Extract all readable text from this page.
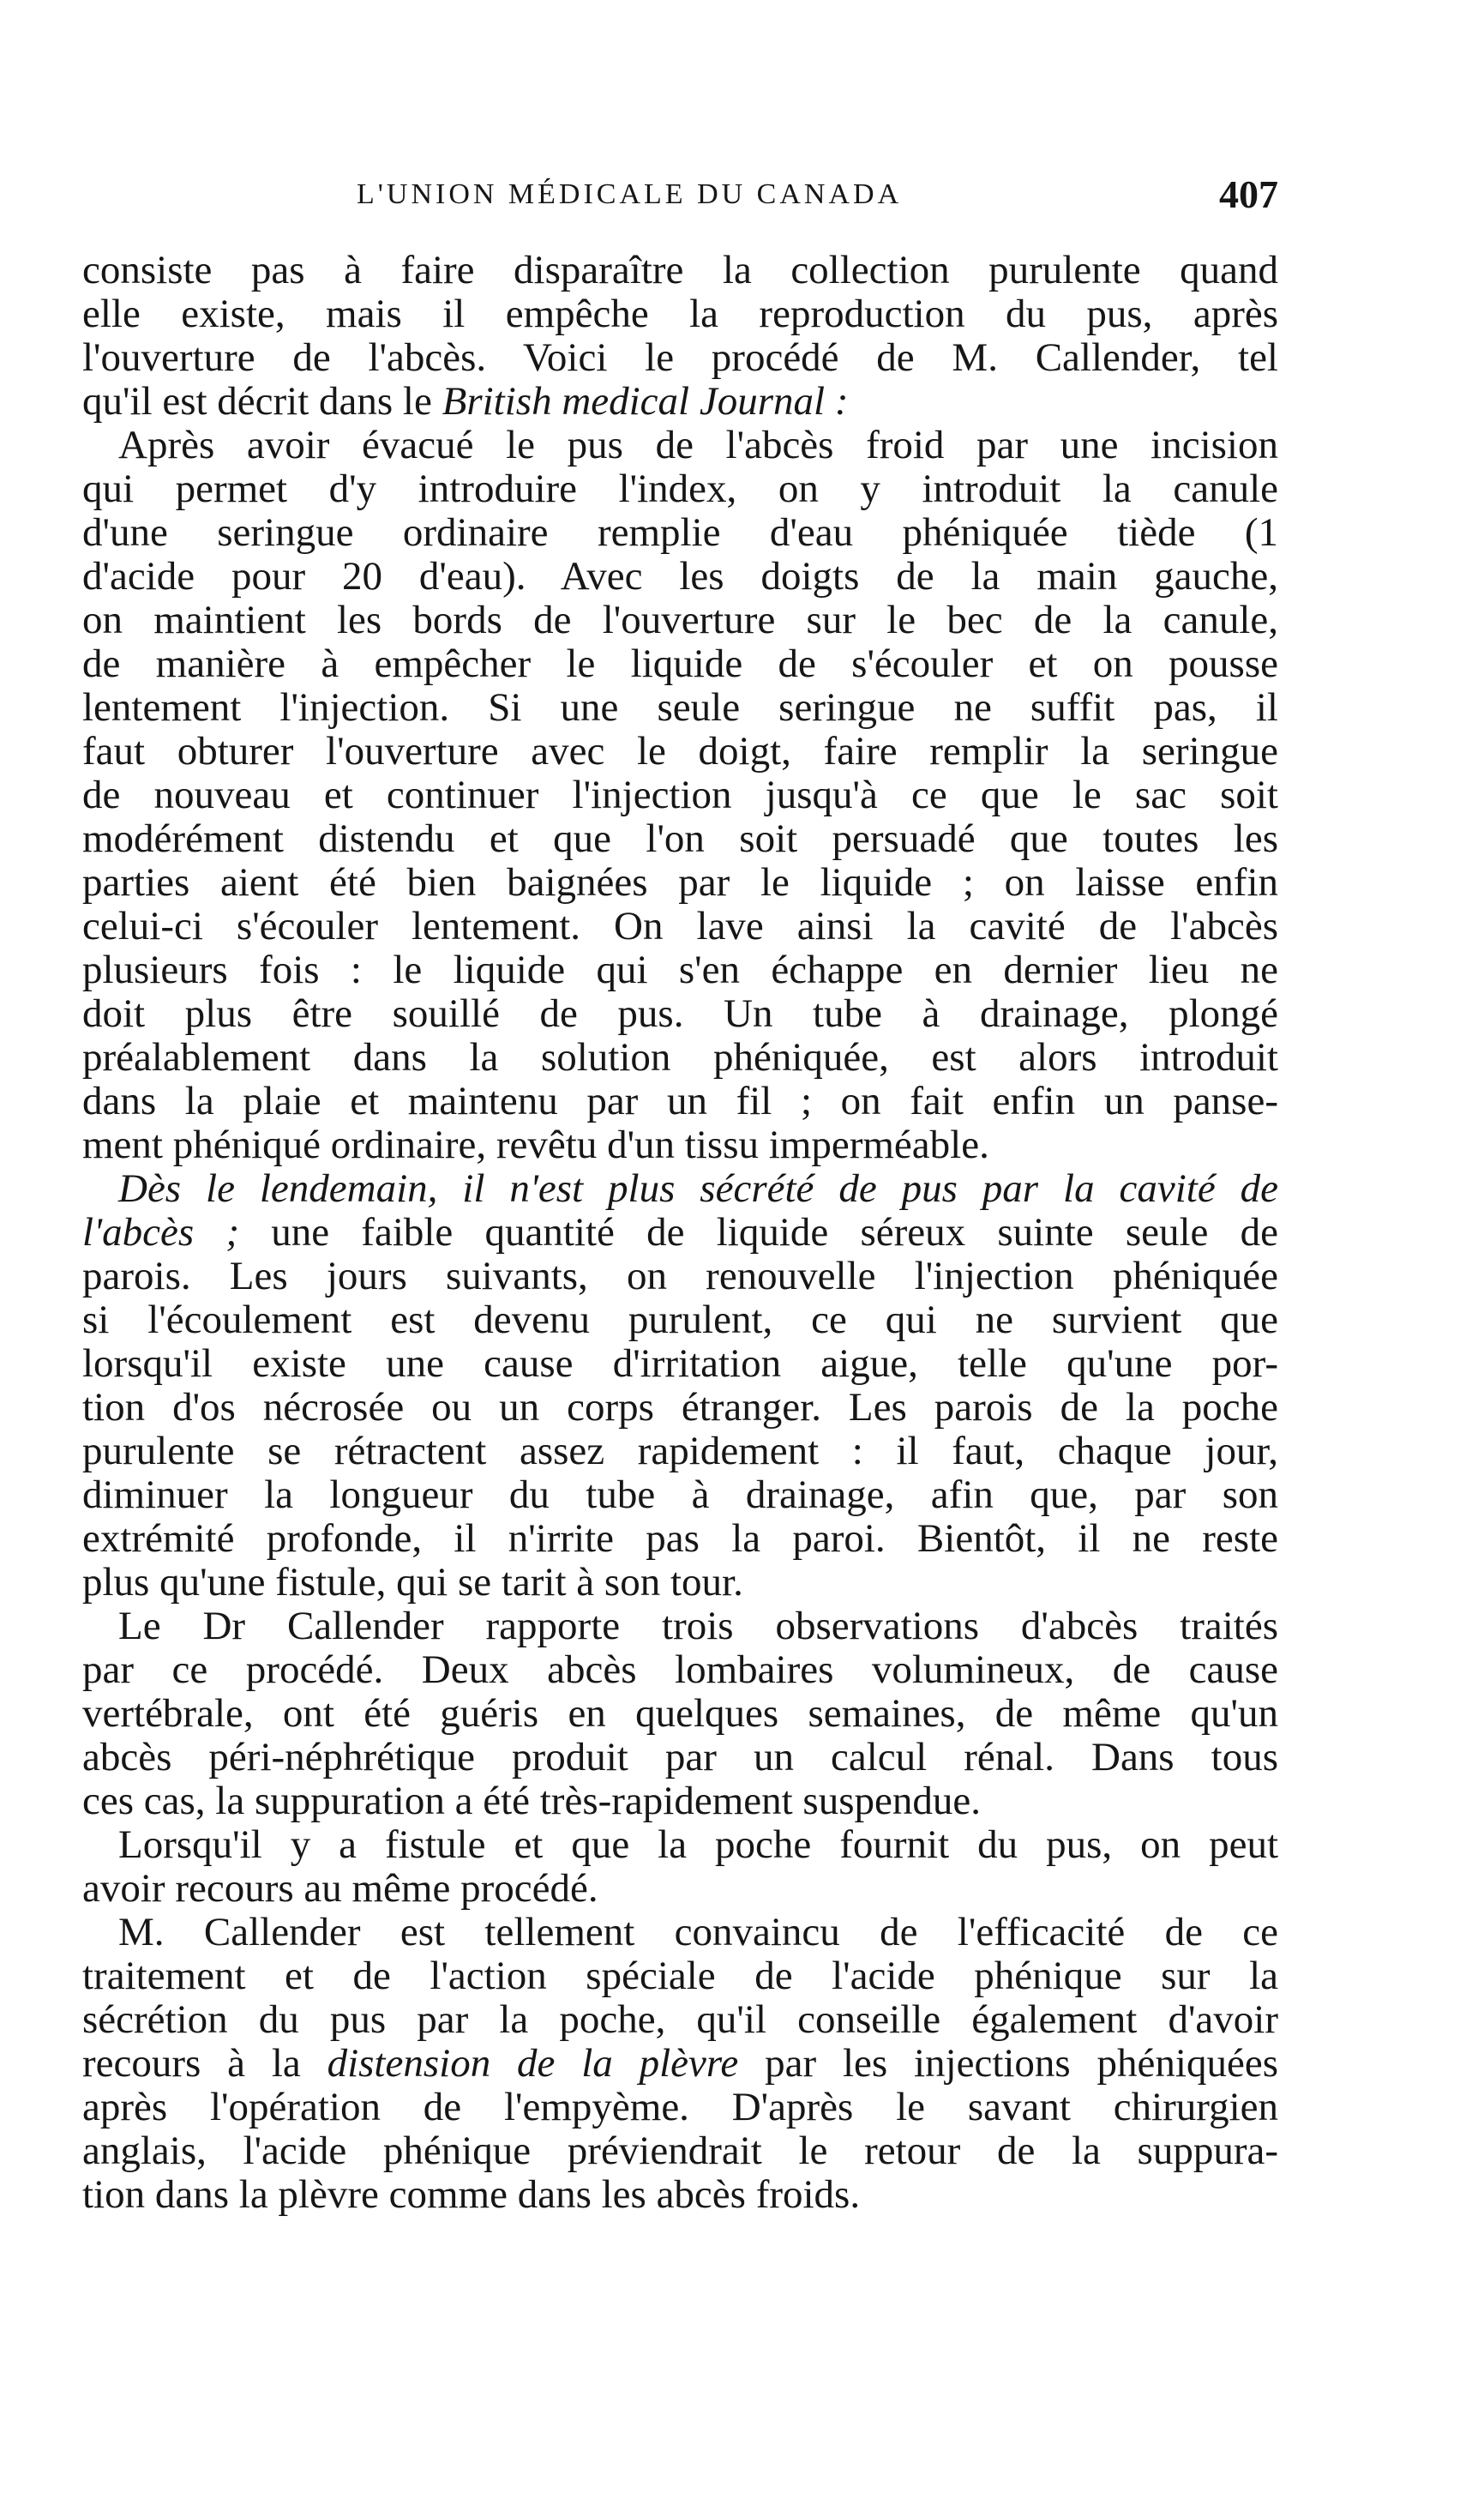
L'UNION MÉDICALE DU CANADA	407
consiste pas à faire disparaître la collection purulente quand
elle existe, mais il empêche la reproduction du pus, après
l'ouverture de l'abcès. Voici le procédé de M. Callender, tel
qu'il est décrit dans le British medical Journal :
Après avoir évacué le pus de l'abcès froid par une incision
qui permet d'y introduire l'index, on y introduit la canule
d'une seringue ordinaire remplie d'eau phéniquée tiède (1
d'acide pour 20 d'eau). Avec les doigts de la main gauche,
on maintient les bords de l'ouverture sur le bec de la canule,
de manière à empêcher le liquide de s'écouler et on pousse
lentement l'injection. Si une seule seringue ne suffit pas, il
faut obturer l'ouverture avec le doigt, faire remplir la seringue
de nouveau et continuer l'injection jusqu'à ce que le sac soit
modérément distendu et que l'on soit persuadé que toutes les
parties aient été bien baignées par le liquide ; on laisse enfin
celui-ci s'écouler lentement. On lave ainsi la cavité de l'abcès
plusieurs fois : le liquide qui s'en échappe en dernier lieu ne
doit plus être souillé de pus. Un tube à drainage, plongé
préalablement dans la solution phéniquée, est alors introduit
dans la plaie et maintenu par un fil ; on fait enfin un panse-
ment phéniqué ordinaire, revêtu d'un tissu imperméable.
Dès le lendemain, il n'est plus sécrété de pus par la cavité de
l'abcès ; une faible quantité de liquide séreux suinte seule de
parois. Les jours suivants, on renouvelle l'injection phéniquée
si l'écoulement est devenu purulent, ce qui ne survient que
lorsqu'il existe une cause d'irritation aigue, telle qu'une por-
tion d'os nécrosée ou un corps étranger. Les parois de la poche
purulente se rétractent assez rapidement : il faut, chaque jour,
diminuer la longueur du tube à drainage, afin que, par son
extrémité profonde, il n'irrite pas la paroi. Bientôt, il ne reste
plus qu'une fistule, qui se tarit à son tour.
Le Dr Callender rapporte trois observations d'abcès traités
par ce procédé. Deux abcès lombaires volumineux, de cause
vertébrale, ont été guéris en quelques semaines, de même qu'un
abcès péri-néphrétique produit par un calcul rénal. Dans tous
ces cas, la suppuration a été très-rapidement suspendue.
Lorsqu'il y a fistule et que la poche fournit du pus, on peut
avoir recours au même procédé.
M. Callender est tellement convaincu de l'efficacité de ce
traitement et de l'action spéciale de l'acide phénique sur la
sécrétion du pus par la poche, qu'il conseille également d'avoir
recours à la distension de la plèvre par les injections phéniquées
après l'opération de l'empyème. D'après le savant chirurgien
anglais, l'acide phénique préviendrait le retour de la suppura-
tion dans la plèvre comme dans les abcès froids.
